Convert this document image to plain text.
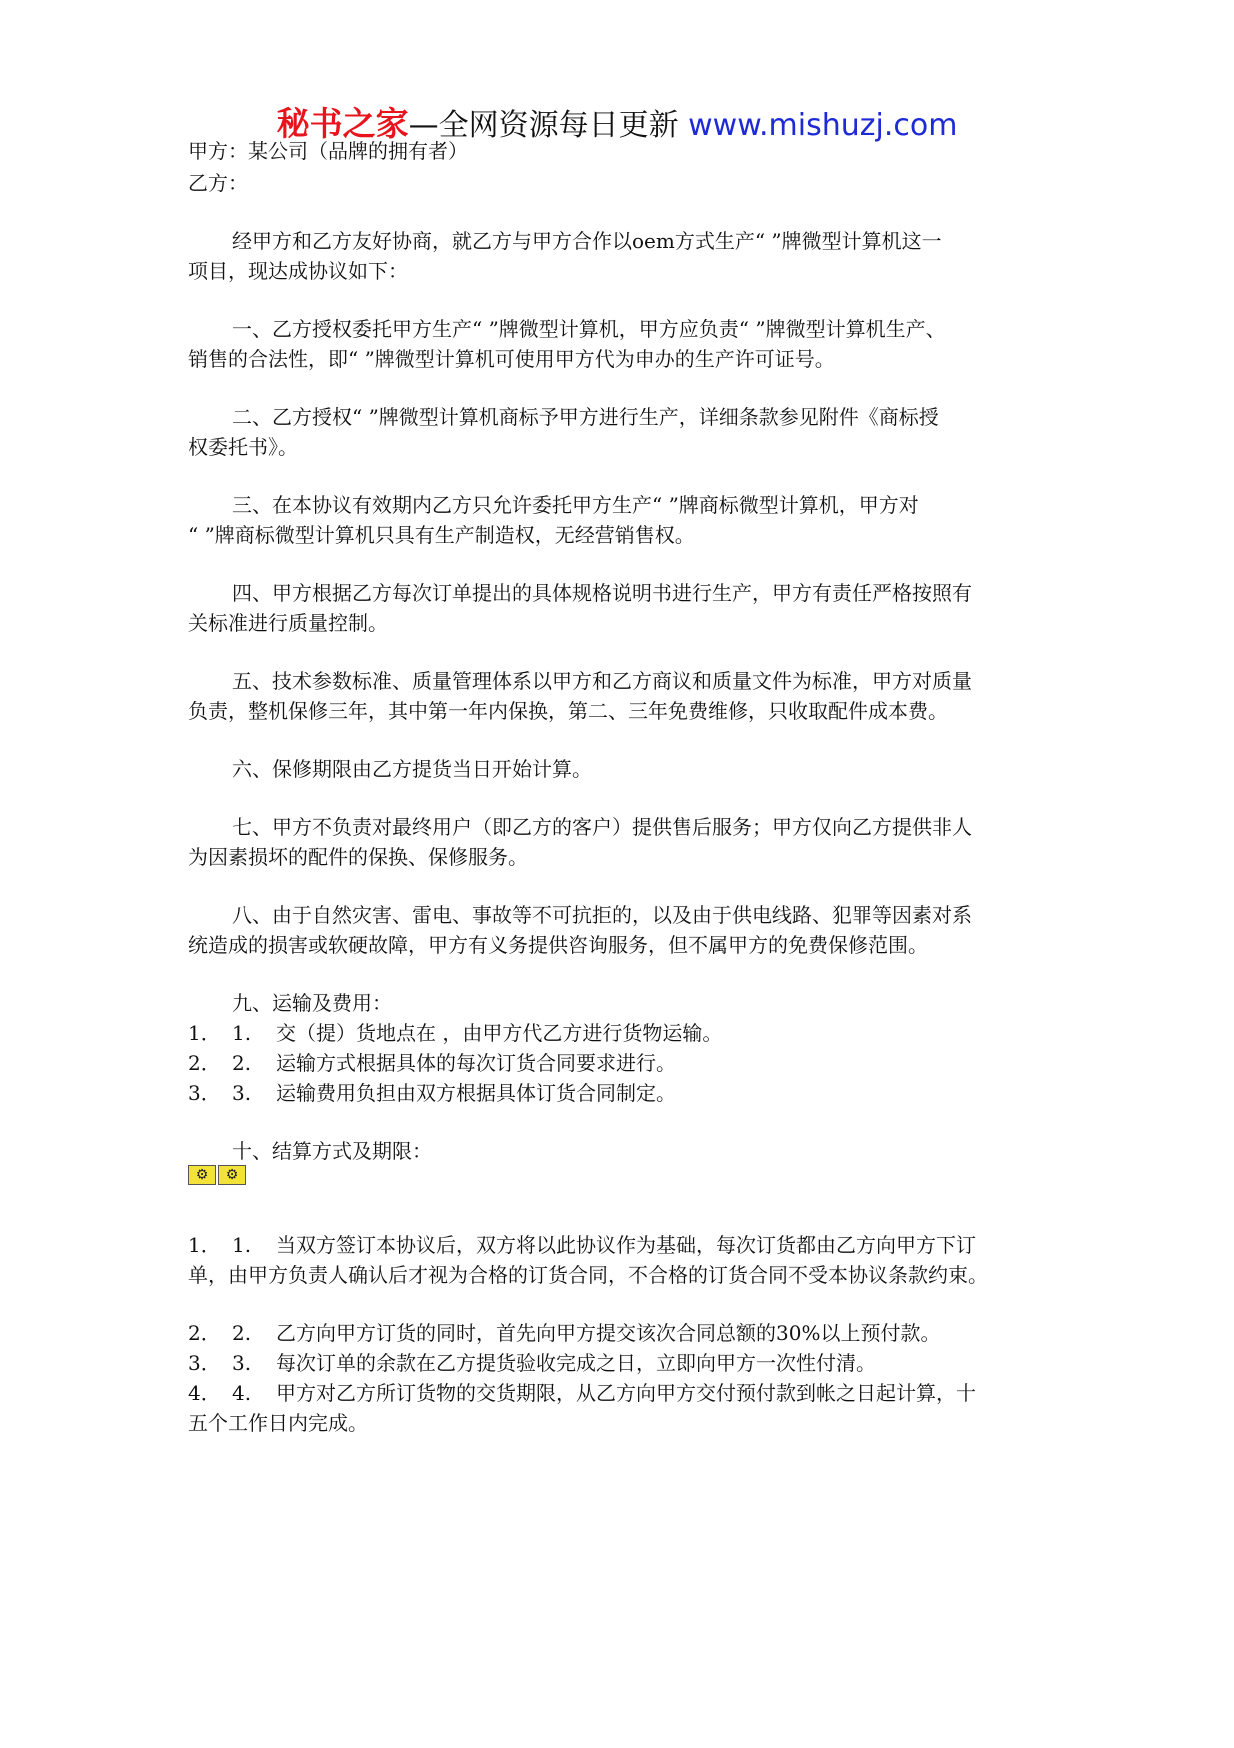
秘书之家—全网资源每日更新 www.mishuzj.com
甲方：某公司（品牌的拥有者）
乙方：
经甲方和乙方友好协商，就乙方与甲方合作以oem方式生产“ ”牌微型计算机这一
项目，现达成协议如下：
一、乙方授权委托甲方生产“ ”牌微型计算机，甲方应负责“ ”牌微型计算机生产、
销售的合法性，即“ ”牌微型计算机可使用甲方代为申办的生产许可证号。
二、乙方授权“ ”牌微型计算机商标予甲方进行生产，详细条款参见附件《商标授
权委托书》。
三、在本协议有效期内乙方只允许委托甲方生产“ ”牌商标微型计算机，甲方对
“ ”牌商标微型计算机只具有生产制造权，无经营销售权。
四、甲方根据乙方每次订单提出的具体规格说明书进行生产，甲方有责任严格按照有
关标准进行质量控制。
五、技术参数标准、质量管理体系以甲方和乙方商议和质量文件为标准，甲方对质量
负责，整机保修三年，其中第一年内保换，第二、三年免费维修，只收取配件成本费。
六、保修期限由乙方提货当日开始计算。
七、甲方不负责对最终用户（即乙方的客户）提供售后服务；甲方仅向乙方提供非人
为因素损坏的配件的保换、保修服务。
八、由于自然灾害、雷电、事故等不可抗拒的，以及由于供电线路、犯罪等因素对系
统造成的损害或软硬故障，甲方有义务提供咨询服务，但不属甲方的免费保修范围。
九、运输及费用：
1． 1. 交（提）货地点在 ，由甲方代乙方进行货物运输。
2． 2. 运输方式根据具体的每次订货合同要求进行。
3． 3. 运输费用负担由双方根据具体订货合同制定。
十、结算方式及期限：
⚙	⚙
1． 1. 当双方签订本协议后，双方将以此协议作为基础，每次订货都由乙方向甲方下订
单，由甲方负责人确认后才视为合格的订货合同，不合格的订货合同不受本协议条款约束。
2． 2. 乙方向甲方订货的同时，首先向甲方提交该次合同总额的30%以上预付款。
3． 3. 每次订单的余款在乙方提货验收完成之日，立即向甲方一次性付清。
4． 4. 甲方对乙方所订货物的交货期限，从乙方向甲方交付预付款到帐之日起计算，十
五个工作日内完成。
